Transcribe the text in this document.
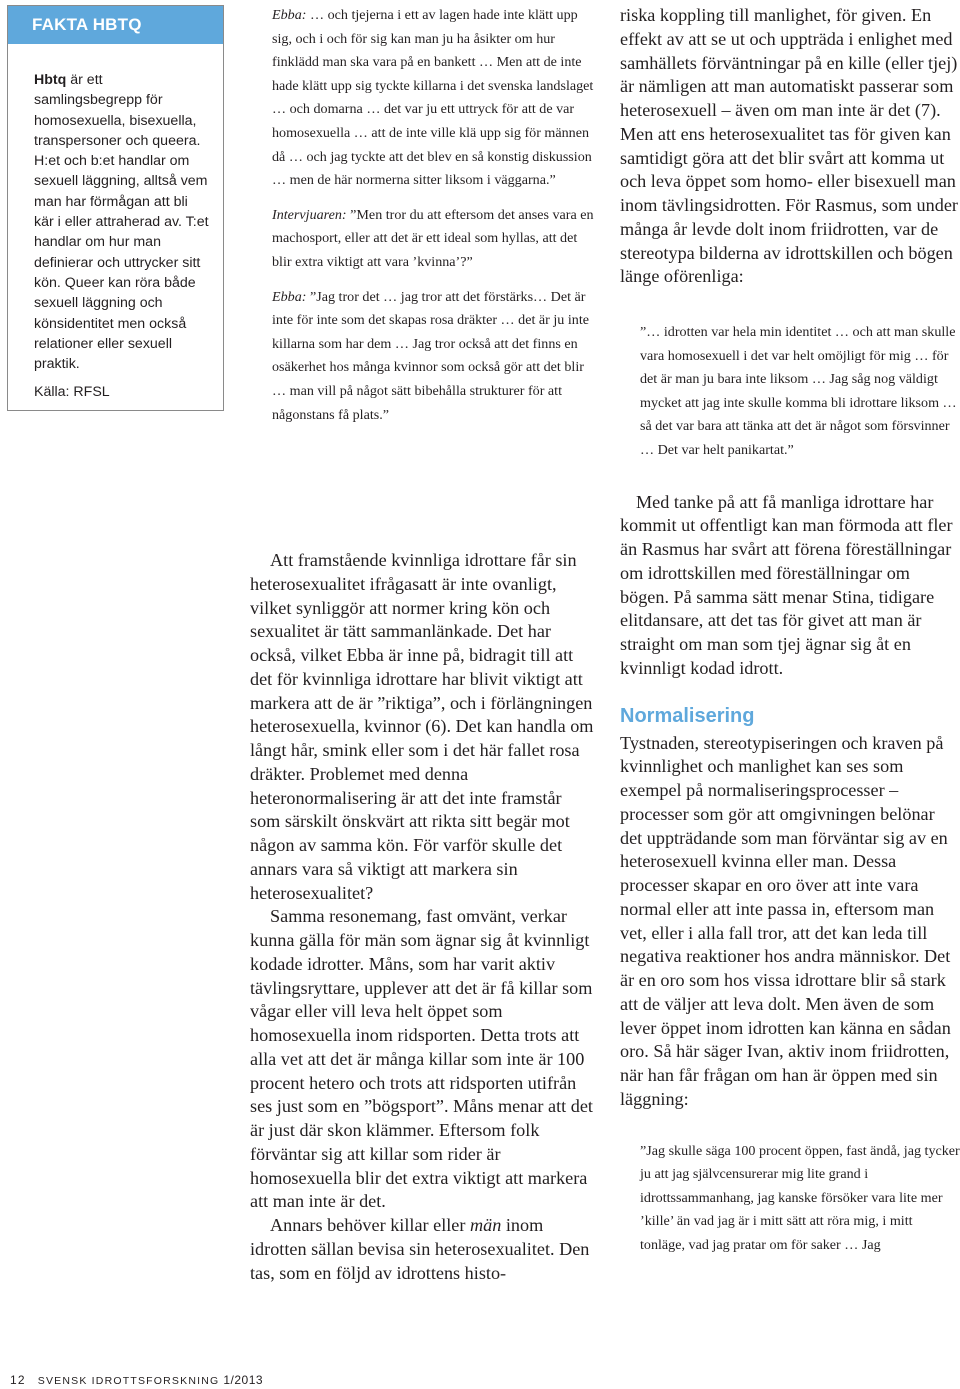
FAKTA HBTQ

Hbtq är ett samlingsbegrepp för homosexuella, bisexuella, transpersoner och queera. H:et och b:et handlar om sexuell läggning, alltså vem man har förmågan att bli kär i eller attraherad av. T:et handlar om hur man definierar och uttrycker sitt kön. Queer kan röra både sexuell läggning och könsidentitet men också relationer eller sexuell praktik.

Källa: RFSL

Ebba: … och tjejerna i ett av lagen hade inte klätt upp sig, och i och för sig kan man ju ha åsikter om hur finklädd man ska vara på en bankett … Men att de inte hade klätt upp sig tyckte killarna i det svenska landslaget … och domarna … det var ju ett uttryck för att de var homosexuella … att de inte ville klä upp sig för männen då … och jag tyckte att det blev en så konstig diskussion … men de här normerna sitter liksom i väggarna.”

Intervjuaren: ”Men tror du att eftersom det anses vara en machosport, eller att det är ett ideal som hyllas, att det blir extra viktigt att vara ’kvinna’?”

Ebba: ”Jag tror det … jag tror att det förstärks… Det är inte för inte som det skapas rosa dräkter … det är ju inte killarna som har dem … Jag tror också att det finns en osäkerhet hos många kvinnor som också gör att det blir … man vill på något sätt bibehålla strukturer för att någonstans få plats.”

Att framstående kvinnliga idrottare får sin heterosexualitet ifrågasatt är inte ovanligt, vilket synliggör att normer kring kön och sexualitet är tätt sammanlänkade. Det har också, vilket Ebba är inne på, bidragit till att det för kvinnliga idrottare har blivit viktigt att markera att de är ”riktiga”, och i förlängningen heterosexuella, kvinnor (6). Det kan handla om långt hår, smink eller som i det här fallet rosa dräkter. Problemet med denna heteronormalisering är att det inte framstår som särskilt önskvärt att rikta sitt begär mot någon av samma kön. För varför skulle det annars vara så viktigt att markera sin heterosexualitet?

Samma resonemang, fast omvänt, verkar kunna gälla för män som ägnar sig åt kvinnligt kodade idrotter. Måns, som har varit aktiv tävlingsryttare, upplever att det är få killar som vågar eller vill leva helt öppet som homosexuella inom ridsporten. Detta trots att alla vet att det är många killar som inte är 100 procent hetero och trots att ridsporten utifrån ses just som en ”bögsport”. Måns menar att det är just där skon klämmer. Eftersom folk förväntar sig att killar som rider är homosexuella blir det extra viktigt att markera att man inte är det.

Annars behöver killar eller män inom idrotten sällan bevisa sin heterosexualitet. Den tas, som en följd av idrottens histo-

riska koppling till manlighet, för given. En effekt av att se ut och uppträda i enlighet med samhällets förväntningar på en kille (eller tjej) är nämligen att man automatiskt passerar som heterosexuell – även om man inte är det (7). Men att ens heterosexualitet tas för given kan samtidigt göra att det blir svårt att komma ut och leva öppet som homo- eller bisexuell man inom tävlingsidrotten. För Rasmus, som under många år levde dolt inom friidrotten, var de stereotypa bilderna av idrottskillen och bögen länge oförenliga:

”… idrotten var hela min identitet … och att man skulle vara homosexuell i det var helt omöjligt för mig … för det är man ju bara inte liksom … Jag såg nog väldigt mycket att jag inte skulle komma bli idrottare liksom … så det var bara att tänka att det är något som försvinner … Det var helt panikartat.”

Med tanke på att få manliga idrottare har kommit ut offentligt kan man förmoda att fler än Rasmus har svårt att förena föreställningar om idrottskillen med föreställningar om bögen. På samma sätt menar Stina, tidigare elitdansare, att det tas för givet att man är straight om man som tjej ägnar sig åt en kvinnligt kodad idrott.

Normalisering

Tystnaden, stereotypiseringen och kraven på kvinnlighet och manlighet kan ses som exempel på normaliseringsprocesser – processer som gör att omgivningen belönar det uppträdande som man förväntar sig av en heterosexuell kvinna eller man. Dessa processer skapar en oro över att inte vara normal eller att inte passa in, eftersom man vet, eller i alla fall tror, att det kan leda till negativa reaktioner hos andra människor. Det är en oro som hos vissa idrottare blir så stark att de väljer att leva dolt. Men även de som lever öppet inom idrotten kan känna en sådan oro. Så här säger Ivan, aktiv inom friidrotten, när han får frågan om han är öppen med sin läggning:

”Jag skulle säga 100 procent öppen, fast ändå, jag tycker ju att jag självcensurerar mig lite grand i idrottssammanhang, jag kanske försöker vara lite mer ’kille’ än vad jag är i mitt sätt att röra mig, i mitt tonläge, vad jag pratar om för saker … Jag

12 SVENSK IDROTTSFORSKNING 1/2013
